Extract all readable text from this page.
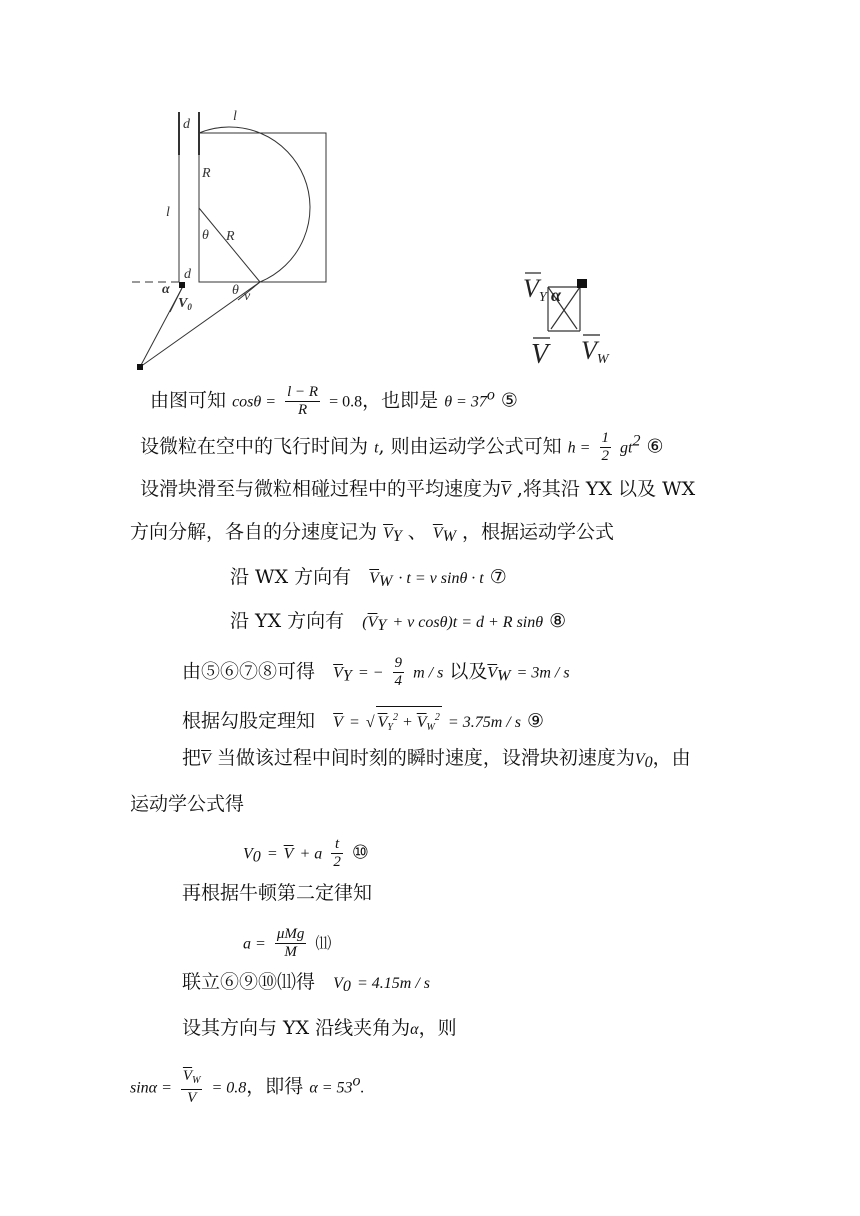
l
d
R
l
θ R
d
α
$V_0$
θ v	VY α
V VW
由图可知 $\cos\theta = \frac{l - R}{R} = 0.8$，也即是 $\theta = 37^o$ ⑤
设微粒在空中的飞行时间为 t, 则由运动学公式可知 $h = \frac{1}{2} gt^2$ ⑥
设滑块滑至与微粒相碰过程中的平均速度为$\overline{V}$ ,将其沿 YX 以及 WX
方向分解，各自的分速度记为 $\overline{V}Y$ 、 $\overline{V}W$ ，根据运动学公式
沿 WX 方向有 $\overline{V}W \cdot t = v$ sinθ · t ⑦
沿 YX 方向有 ($\overline{V}Y + v$ cosθ)t = d + R sinθ ⑧
由⑤⑥⑦⑧可得 $\overline{V}Y$ = − $\frac{9}{4}$ m / s 以及$\overline{V}W = 3m / s$
根据勾股定理知 $\overline{V}$ = √ $V_Y^2 + \overline{V}_W^2 = 3.75m / s$ ⑨
把$\overline{V}$ 当做该过程中间时刻的瞬时速度，设滑块初速度为V0，由
运动学公式得
$V0 = \overline{V} + a \frac{t}{2}$ ⑩
再根据牛顿第二定律知
$a = \frac{\text{μMg}}{M}$ ⑾
联立⑥⑨⑩⑾得 V0 = 4.15m / s
设其方向与 YX 沿线夹角为α，则
$\sin\alpha = \frac{\overline{V}_W}{V} = 0.8$，即得 $\alpha = 53^o$.
